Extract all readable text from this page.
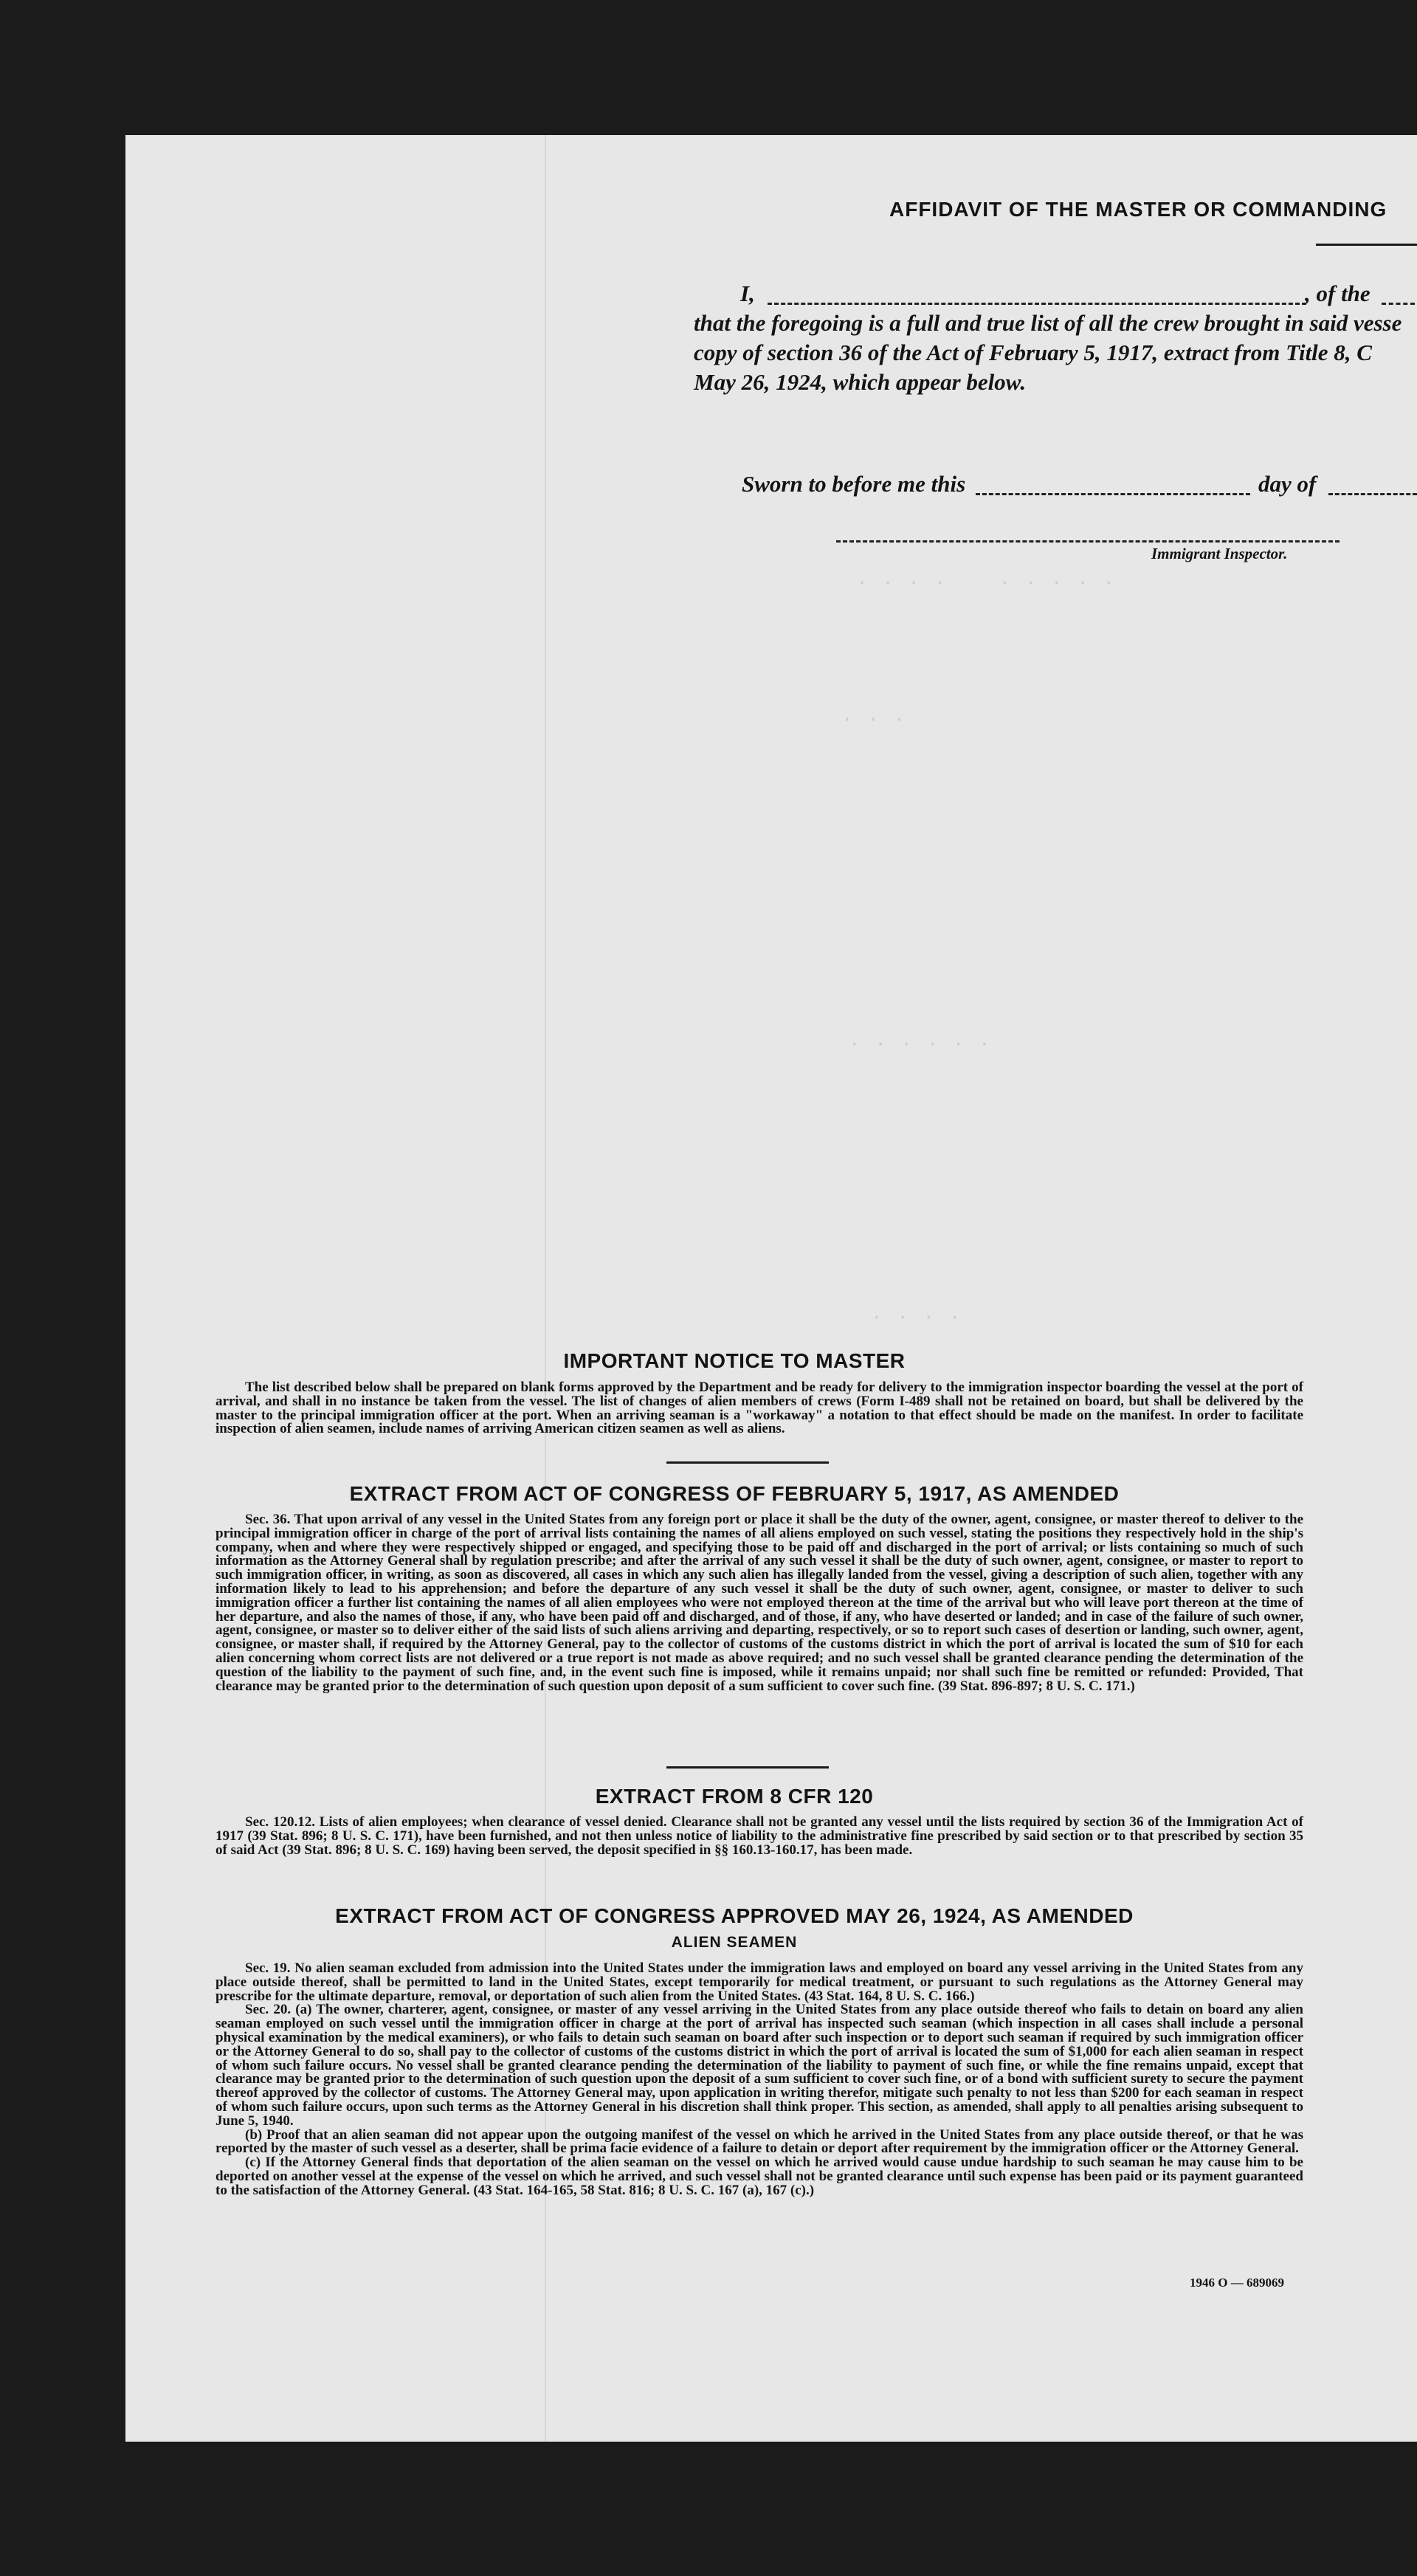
· · · ·    · · · · ·
· · ·
· · · · · ·
· · · ·
AFFIDAVIT OF THE MASTER OR COMMANDING
I,	, of the
that the foregoing is a full and true list of all the crew brought in said vesse
copy of section 36 of the Act of February 5, 1917, extract from Title 8, C
May 26, 1924, which appear below.
Sworn to before me this	day of
Immigrant Inspector.
IMPORTANT NOTICE TO MASTER

The list described below shall be prepared on blank forms approved by the Department and be ready for delivery to the immigration inspector boarding the vessel at the port of arrival, and shall in no instance be taken from the vessel. The list of changes of alien members of crews (Form I-489 shall not be retained on board, but shall be delivered by the master to the principal immigration officer at the port. When an arriving seaman is a "workaway" a notation to that effect should be made on the manifest. In order to facilitate inspection of alien seamen, include names of arriving American citizen seamen as well as aliens.

EXTRACT FROM ACT OF CONGRESS OF FEBRUARY 5, 1917, AS AMENDED

Sec. 36. That upon arrival of any vessel in the United States from any foreign port or place it shall be the duty of the owner, agent, consignee, or master thereof to deliver to the principal immigration officer in charge of the port of arrival lists containing the names of all aliens employed on such vessel, stating the positions they respectively hold in the ship's company, when and where they were respectively shipped or engaged, and specifying those to be paid off and discharged in the port of arrival; or lists containing so much of such information as the Attorney General shall by regulation prescribe; and after the arrival of any such vessel it shall be the duty of such owner, agent, consignee, or master to report to such immigration officer, in writing, as soon as discovered, all cases in which any such alien has illegally landed from the vessel, giving a description of such alien, together with any information likely to lead to his apprehension; and before the departure of any such vessel it shall be the duty of such owner, agent, consignee, or master to deliver to such immigration officer a further list containing the names of all alien employees who were not employed thereon at the time of the arrival but who will leave port thereon at the time of her departure, and also the names of those, if any, who have been paid off and discharged, and of those, if any, who have deserted or landed; and in case of the failure of such owner, agent, consignee, or master so to deliver either of the said lists of such aliens arriving and departing, respectively, or so to report such cases of desertion or landing, such owner, agent, consignee, or master shall, if required by the Attorney General, pay to the collector of customs of the customs district in which the port of arrival is located the sum of $10 for each alien concerning whom correct lists are not delivered or a true report is not made as above required; and no such vessel shall be granted clearance pending the determination of the question of the liability to the payment of such fine, and, in the event such fine is imposed, while it remains unpaid; nor shall such fine be remitted or refunded: Provided, That clearance may be granted prior to the determination of such question upon deposit of a sum sufficient to cover such fine. (39 Stat. 896-897; 8 U. S. C. 171.)

EXTRACT FROM 8 CFR 120

Sec. 120.12. Lists of alien employees; when clearance of vessel denied. Clearance shall not be granted any vessel until the lists required by section 36 of the Immigration Act of 1917 (39 Stat. 896; 8 U. S. C. 171), have been furnished, and not then unless notice of liability to the administrative fine prescribed by said section or to that prescribed by section 35 of said Act (39 Stat. 896; 8 U. S. C. 169) having been served, the deposit specified in §§ 160.13-160.17, has been made.

EXTRACT FROM ACT OF CONGRESS APPROVED MAY 26, 1924, AS AMENDED
ALIEN SEAMEN

Sec. 19. No alien seaman excluded from admission into the United States under the immigration laws and employed on board any vessel arriving in the United States from any place outside thereof, shall be permitted to land in the United States, except temporarily for medical treatment, or pursuant to such regulations as the Attorney General may prescribe for the ultimate departure, removal, or deportation of such alien from the United States. (43 Stat. 164, 8 U. S. C. 166.)

Sec. 20. (a) The owner, charterer, agent, consignee, or master of any vessel arriving in the United States from any place outside thereof who fails to detain on board any alien seaman employed on such vessel until the immigration officer in charge at the port of arrival has inspected such seaman (which inspection in all cases shall include a personal physical examination by the medical examiners), or who fails to detain such seaman on board after such inspection or to deport such seaman if required by such immigration officer or the Attorney General to do so, shall pay to the collector of customs of the customs district in which the port of arrival is located the sum of $1,000 for each alien seaman in respect of whom such failure occurs. No vessel shall be granted clearance pending the determination of the liability to payment of such fine, or while the fine remains unpaid, except that clearance may be granted prior to the determination of such question upon the deposit of a sum sufficient to cover such fine, or of a bond with sufficient surety to secure the payment thereof approved by the collector of customs. The Attorney General may, upon application in writing therefor, mitigate such penalty to not less than $200 for each seaman in respect of whom such failure occurs, upon such terms as the Attorney General in his discretion shall think proper. This section, as amended, shall apply to all penalties arising subsequent to June 5, 1940.

(b) Proof that an alien seaman did not appear upon the outgoing manifest of the vessel on which he arrived in the United States from any place outside thereof, or that he was reported by the master of such vessel as a deserter, shall be prima facie evidence of a failure to detain or deport after requirement by the immigration officer or the Attorney General.

(c) If the Attorney General finds that deportation of the alien seaman on the vessel on which he arrived would cause undue hardship to such seaman he may cause him to be deported on another vessel at the expense of the vessel on which he arrived, and such vessel shall not be granted clearance until such expense has been paid or its payment guaranteed to the satisfaction of the Attorney General. (43 Stat. 164-165, 58 Stat. 816; 8 U. S. C. 167 (a), 167 (c).)

1946 O — 689069
